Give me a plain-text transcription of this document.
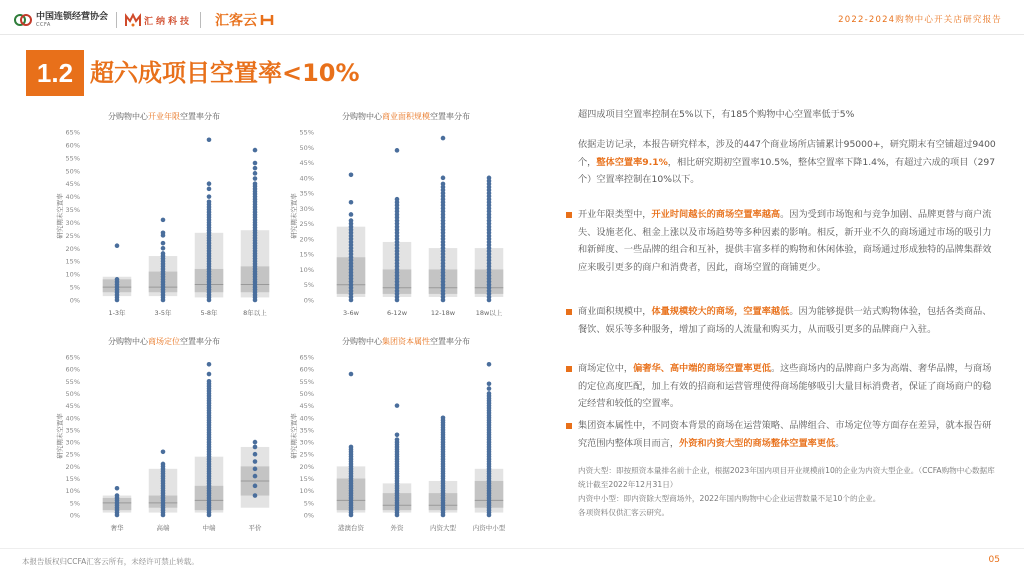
中国连锁经营协会
CCFA	汇纳科技 汇客云	2022-2024购物中心开关店研究报告
1.2 超六成项目空置率<10%
分购物中心开业年限空置率分布	分购物中心商业面积规模空置率分布
分购物中心商场定位空置率分布	分购物中心集团资本属性空置率分布
0%
5%
10%
15%
20%
25%
30%
35%
40%
45%
50%
55%
60%
65%
研究期末空置率
1-3年	3-5年	5-8年	8年以上
0%
5%
10%
15%
20%
25%
30%
35%
40%
45%
50%
55%
研究期末空置率
3-6w	6-12w	12-18w	18w以上
0%
5%
10%
15%
20%
25%
30%
35%
40%
45%
50%
55%
60%
65%
研究期末空置率
奢华	高端	中端	平价
0%
5%
10%
15%
20%
25%
30%
35%
40%
45%
50%
55%
60%
65%
研究期末空置率
港澳台资	外资	内资大型	内资中小型
超四成项目空置率控制在5%以下，有185个购物中心空置率低于5%
依据走访记录，本报告研究样本，涉及的447个商业场所店铺累计95000+，研究期末有空铺超过9400个，整体空置率9.1%，相比研究期初空置率10.5%，整体空置率下降1.4%，有超过六成的项目（297个）空置率控制在10%以下。
开业年限类型中，开业时间越长的商场空置率越高。因为受到市场饱和与竞争加剧、品牌更替与商户流失、设施老化、租金上涨以及市场趋势等多种因素的影响。相反，新开业不久的商场通过市场的吸引力和新鲜度、一些品牌的组合和互补，提供丰富多样的购物和休闲体验，商场通过形成独特的品牌集群效应来吸引更多的商户和消费者，因此，商场空置的商铺更少。
商业面积规模中，体量规模较大的商场，空置率越低。因为能够提供一站式购物体验，包括各类商品、餐饮、娱乐等多种服务，增加了商场的人流量和购买力，从而吸引更多的品牌商户入驻。
商场定位中，偏奢华、高中端的商场空置率更低。这些商场内的品牌商户多为高端、奢华品牌，与商场的定位高度匹配，加上有效的招商和运营管理使得商场能够吸引大量目标消费者，保证了商场商户的稳定经营和较低的空置率。
集团资本属性中，不同资本背景的商场在运营策略、品牌组合、市场定位等方面存在差异，就本报告研究范围内整体项目而言，外资和内资大型的商场整体空置率更低。
内资大型：即按照资本量排名前十企业，根据2023年国内项目开业规模前10的企业为内资大型企业。（CCFA购物中心数据库统计截至2022年12月31日）
内资中小型：即内资除大型商场外，2022年国内购物中心企业运营数量不足10个的企业。
各项资料仅供汇客云研究。
本报告版权归CCFA汇客云所有，未经许可禁止转载。	05
